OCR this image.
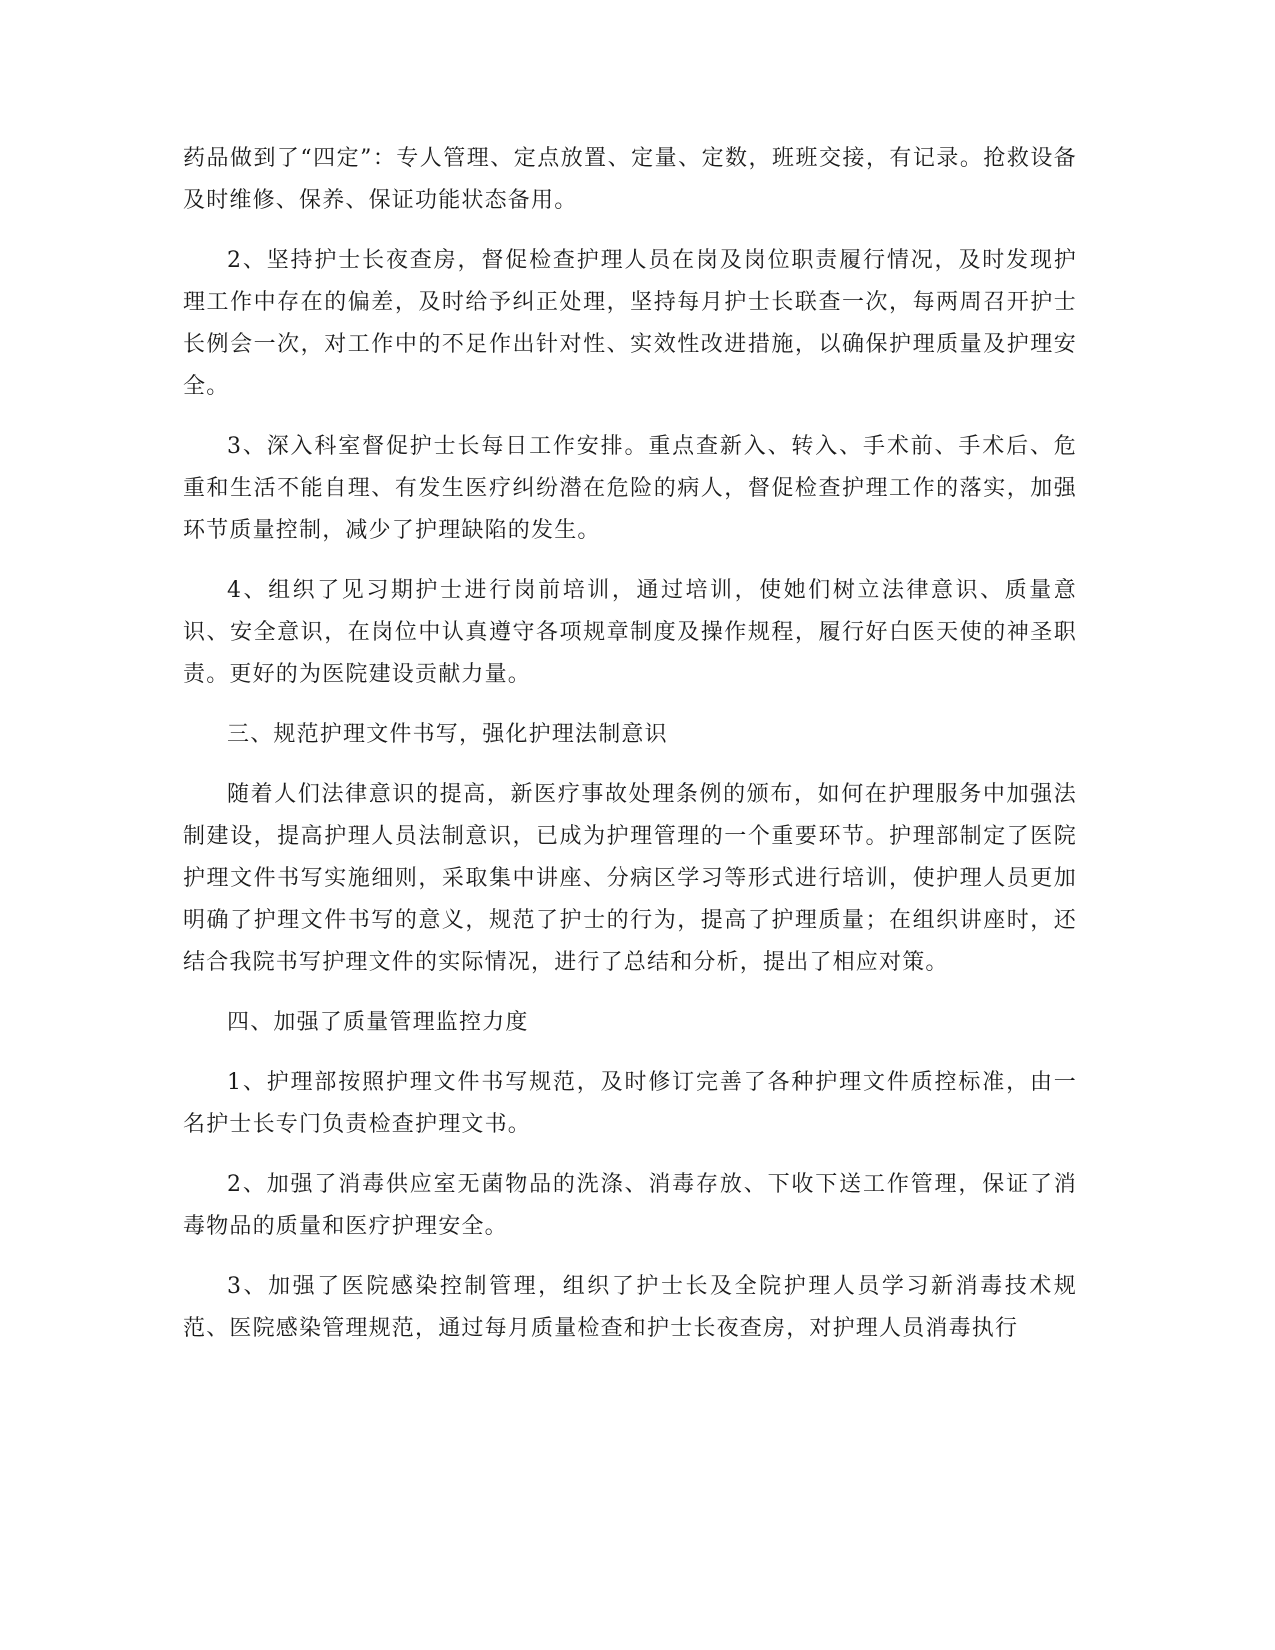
药品做到了“四定”：专人管理、定点放置、定量、定数，班班交接，有记录。抢救设备及时维修、保养、保证功能状态备用。

2、坚持护士长夜查房，督促检查护理人员在岗及岗位职责履行情况，及时发现护理工作中存在的偏差，及时给予纠正处理，坚持每月护士长联查一次，每两周召开护士长例会一次，对工作中的不足作出针对性、实效性改进措施，以确保护理质量及护理安全。

3、深入科室督促护士长每日工作安排。重点查新入、转入、手术前、手术后、危重和生活不能自理、有发生医疗纠纷潜在危险的病人，督促检查护理工作的落实，加强环节质量控制，减少了护理缺陷的发生。

4、组织了见习期护士进行岗前培训，通过培训，使她们树立法律意识、质量意识、安全意识，在岗位中认真遵守各项规章制度及操作规程，履行好白医天使的神圣职责。更好的为医院建设贡献力量。

三、规范护理文件书写，强化护理法制意识

随着人们法律意识的提高，新医疗事故处理条例的颁布，如何在护理服务中加强法制建设，提高护理人员法制意识，已成为护理管理的一个重要环节。护理部制定了医院护理文件书写实施细则，采取集中讲座、分病区学习等形式进行培训，使护理人员更加明确了护理文件书写的意义，规范了护士的行为，提高了护理质量；在组织讲座时，还结合我院书写护理文件的实际情况，进行了总结和分析，提出了相应对策。

四、加强了质量管理监控力度

1、护理部按照护理文件书写规范，及时修订完善了各种护理文件质控标准，由一名护士长专门负责检查护理文书。

2、加强了消毒供应室无菌物品的洗涤、消毒存放、下收下送工作管理，保证了消毒物品的质量和医疗护理安全。

3、加强了医院感染控制管理，组织了护士长及全院护理人员学习新消毒技术规范、医院感染管理规范，通过每月质量检查和护士长夜查房，对护理人员消毒执行
